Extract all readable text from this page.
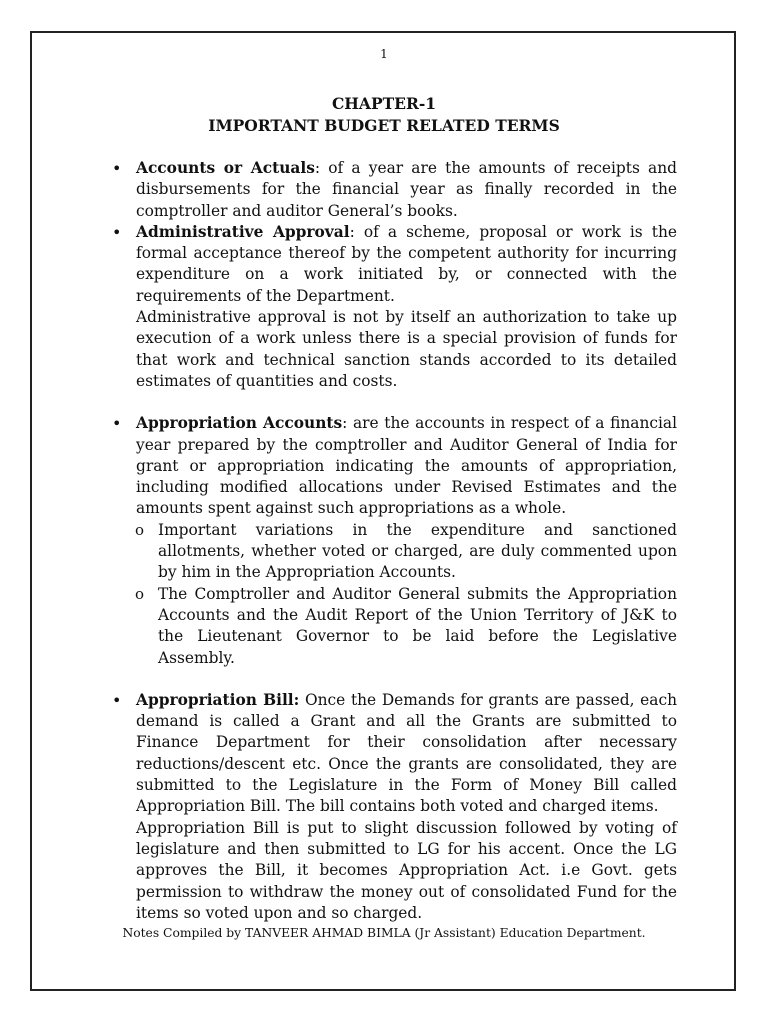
1
CHAPTER-1
IMPORTANT BUDGET RELATED TERMS
• Accounts or Actuals: of a year are the amounts of receipts and disbursements for the financial year as finally recorded in the comptroller and auditor General’s books.

• Administrative Approval: of a scheme, proposal or work is the formal acceptance thereof by the competent authority for incurring expenditure on a work initiated by, or connected with the requirements of the Department.

Administrative approval is not by itself an authorization to take up execution of a work unless there is a special provision of funds for that work and technical sanction stands accorded to its detailed estimates of quantities and costs.

• Appropriation Accounts: are the accounts in respect of a financial year prepared by the comptroller and Auditor General of India for grant or appropriation indicating the amounts of appropriation, including modified allocations under Revised Estimates and the amounts spent against such appropriations as a whole.

o Important variations in the expenditure and sanctioned allotments, whether voted or charged, are duly commented upon by him in the Appropriation Accounts.

o The Comptroller and Auditor General submits the Appropriation Accounts and the Audit Report of the Union Territory of J&K to the Lieutenant Governor to be laid before the Legislative Assembly.

• Appropriation Bill: Once the Demands for grants are passed, each demand is called a Grant and all the Grants are submitted to Finance Department for their consolidation after necessary reductions/descent etc. Once the grants are consolidated, they are submitted to the Legislature in the Form of Money Bill called Appropriation Bill. The bill contains both voted and charged items.

Appropriation Bill is put to slight discussion followed by voting of legislature and then submitted to LG for his accent. Once the LG approves the Bill, it becomes Appropriation Act. i.e Govt. gets permission to withdraw the money out of consolidated Fund for the items so voted upon and so charged.

Notes Compiled by TANVEER AHMAD BIMLA (Jr Assistant) Education Department.
